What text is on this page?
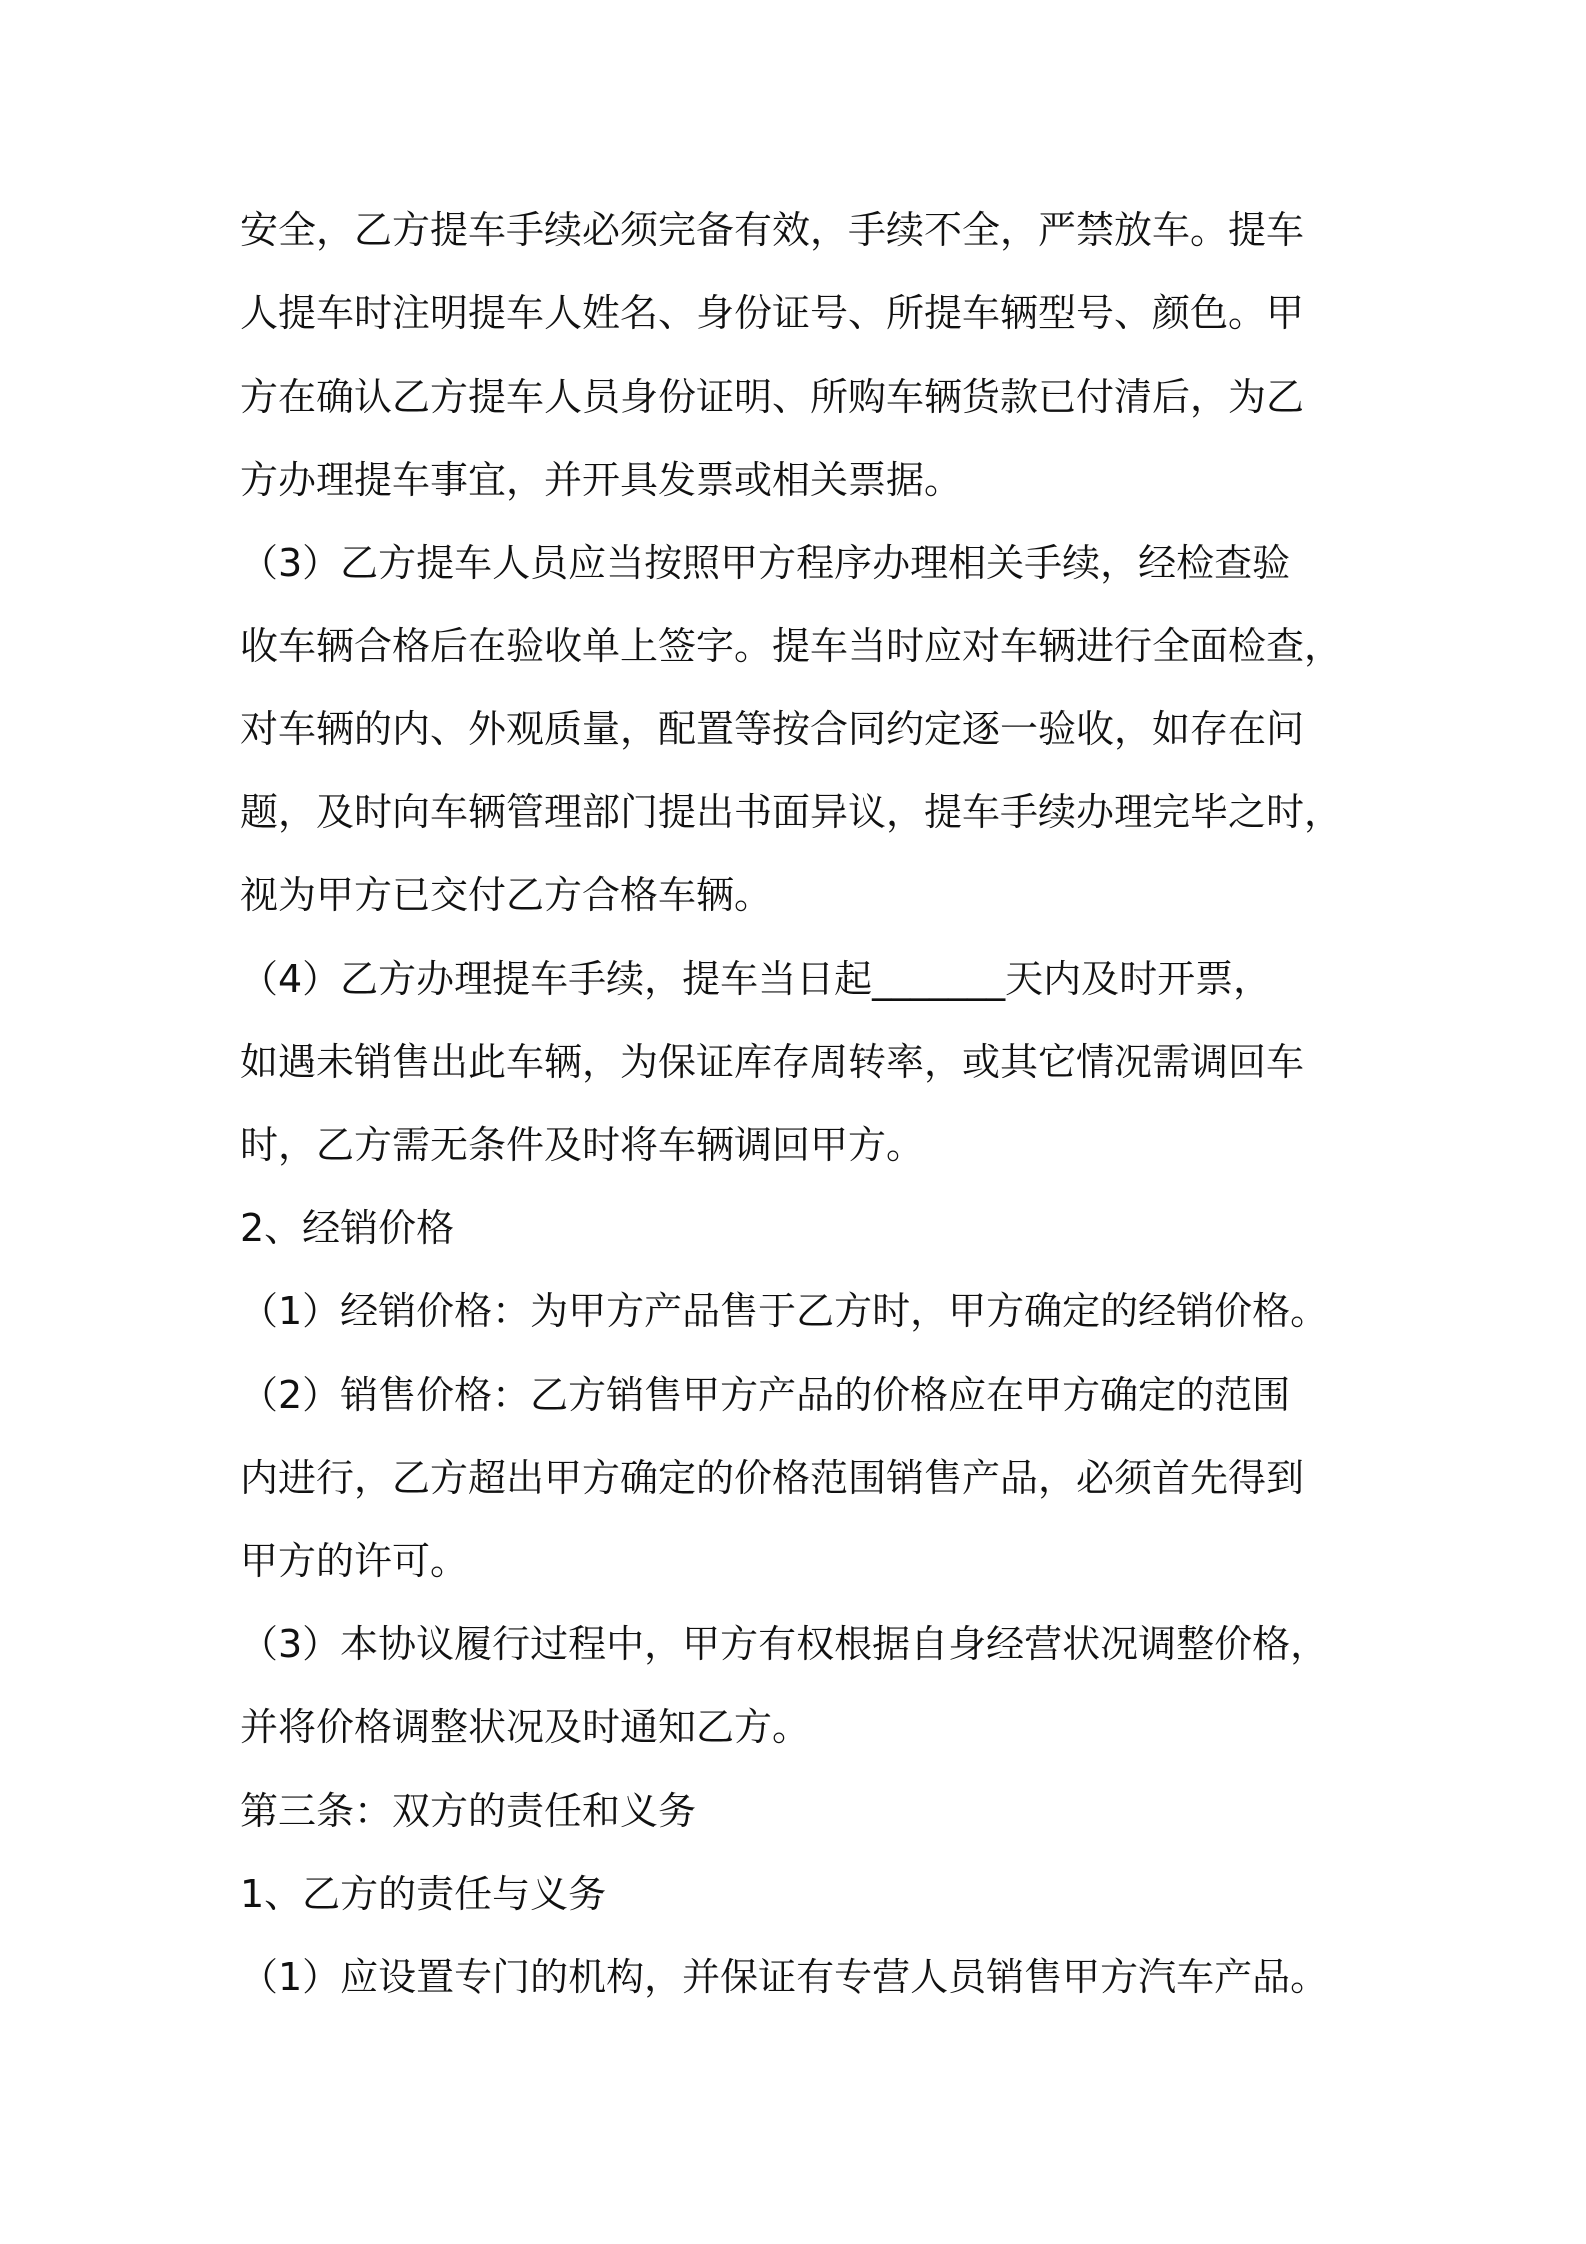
安全，乙方提车手续必须完备有效，手续不全，严禁放车。提车
人提车时注明提车人姓名、身份证号、所提车辆型号、颜色。甲
方在确认乙方提车人员身份证明、所购车辆货款已付清后，为乙
方办理提车事宜，并开具发票或相关票据。
（3）乙方提车人员应当按照甲方程序办理相关手续，经检查验
收车辆合格后在验收单上签字。提车当时应对车辆进行全面检查，
对车辆的内、外观质量，配置等按合同约定逐一验收，如存在问
题，及时向车辆管理部门提出书面异议，提车手续办理完毕之时，
视为甲方已交付乙方合格车辆。
（4）乙方办理提车手续，提车当日起_______天内及时开票，
如遇未销售出此车辆，为保证库存周转率，或其它情况需调回车
时，乙方需无条件及时将车辆调回甲方。
2、经销价格
（1）经销价格：为甲方产品售于乙方时，甲方确定的经销价格。
（2）销售价格：乙方销售甲方产品的价格应在甲方确定的范围
内进行，乙方超出甲方确定的价格范围销售产品，必须首先得到
甲方的许可。
（3）本协议履行过程中，甲方有权根据自身经营状况调整价格，
并将价格调整状况及时通知乙方。
第三条：双方的责任和义务
1、乙方的责任与义务
（1）应设置专门的机构，并保证有专营人员销售甲方汽车产品。
